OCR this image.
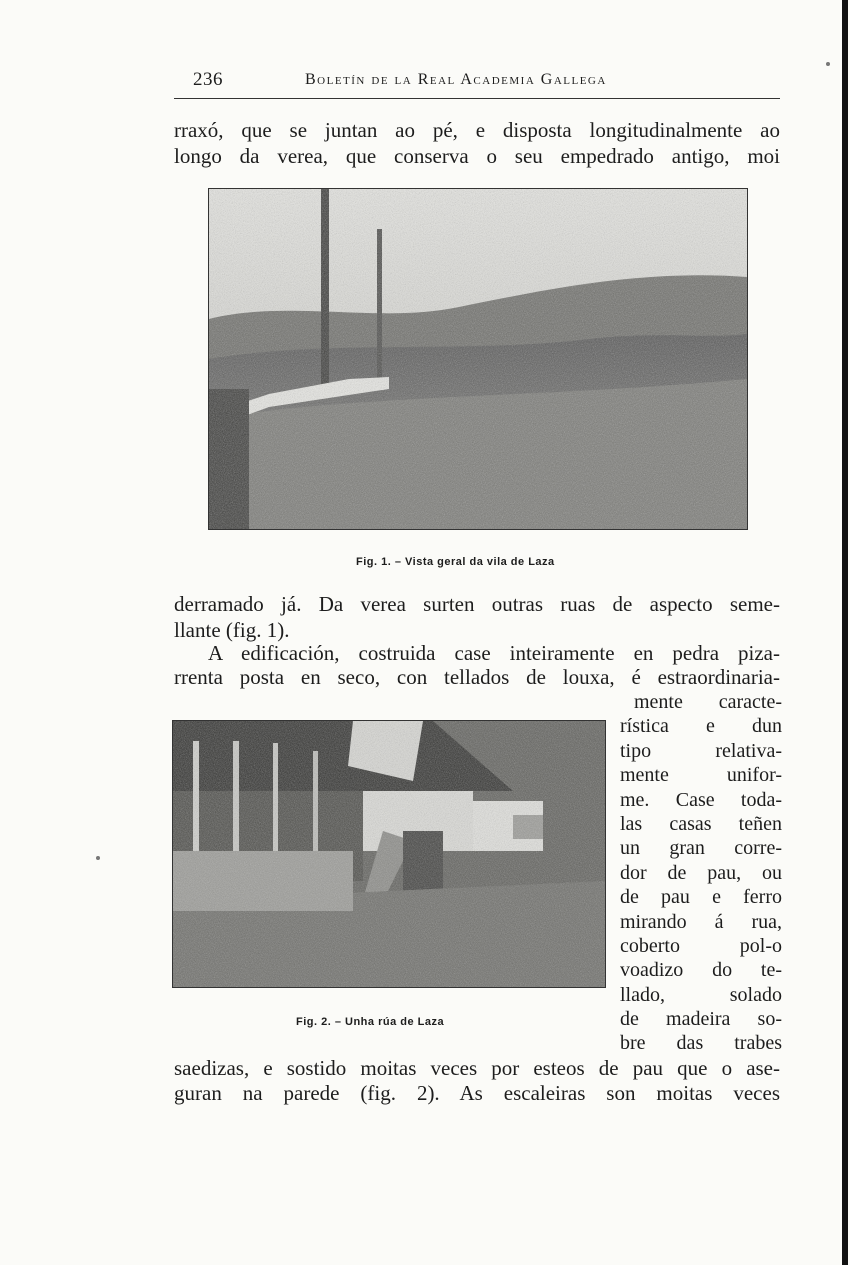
236	Boletín de la Real Academia Gallega
rraxó, que se juntan ao pé, e disposta longitudinalmente ao
longo da verea, que conserva o seu empedrado antigo, moi
Fig. 1. – Vista geral da vila de Laza
derramado já. Da verea surten outras ruas de aspecto seme-
llante (fig. 1).
A edificación, costruida case inteiramente en pedra piza-
rrenta posta en seco, con tellados de louxa, é estraordinaria-
Fig. 2. – Unha rúa de Laza
mente caracte-
rística e dun
tipo relativa-
mente unifor-
me. Case toda-
las casas teñen
un gran corre-
dor de pau, ou
de pau e ferro
mirando á rua,
coberto pol-o
voadizo do te-
llado, solado
de madeira so-
bre das trabes
saedizas, e sostido moitas veces por esteos de pau que o ase-
guran na parede (fig. 2). As escaleiras son moitas veces
